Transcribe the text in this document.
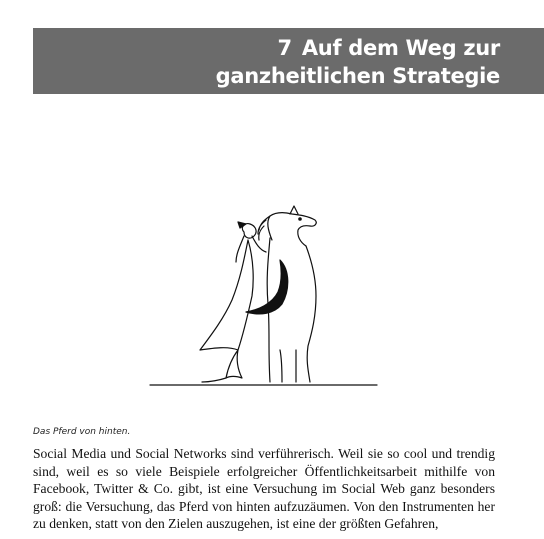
7 Auf dem Weg zur
ganzheitlichen Strategie
Das Pferd von hinten.

Social Media und Social Networks sind verführerisch. Weil sie so cool und trendig sind, weil es so viele Beispiele erfolgreicher Öffentlichkeitsarbeit mithilfe von Facebook, Twitter & Co. gibt, ist eine Versuchung im Social Web ganz besonders groß: die Versuchung, das Pferd von hinten aufzuzäumen. Von den Instrumenten her zu denken, statt von den Zielen auszugehen, ist eine der größten Gefahren,
